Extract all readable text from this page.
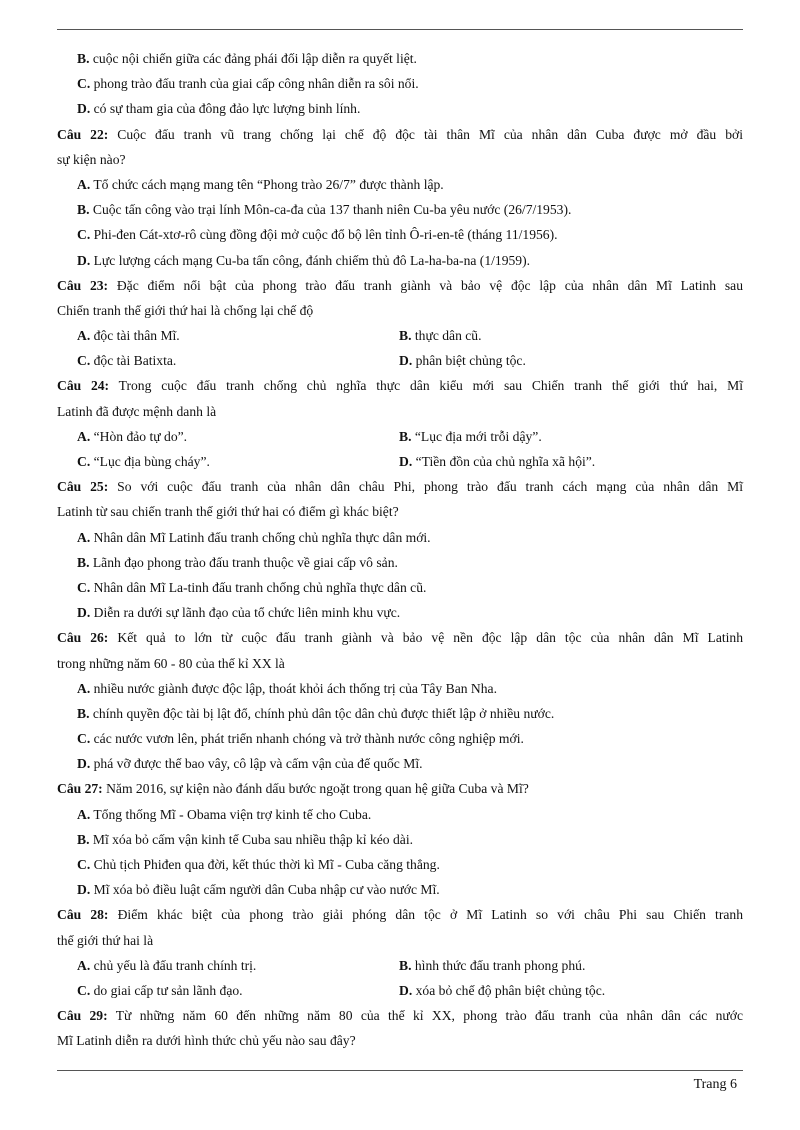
B. cuộc nội chiến giữa các đảng phái đối lập diễn ra quyết liệt.
C. phong trào đấu tranh của giai cấp công nhân diễn ra sôi nổi.
D. có sự tham gia của đông đảo lực lượng binh lính.
Câu 22: Cuộc đấu tranh vũ trang chống lại chế độ độc tài thân Mĩ của nhân dân Cuba được mở đầu bởi
sự kiện nào?
A. Tổ chức cách mạng mang tên “Phong trào 26/7” được thành lập.
B. Cuộc tấn công vào trại lính Môn-ca-đa của 137 thanh niên Cu-ba yêu nước (26/7/1953).
C. Phi-đen Cát-xtơ-rô cùng đồng đội mở cuộc đổ bộ lên tỉnh Ô-ri-en-tê (tháng 11/1956).
D. Lực lượng cách mạng Cu-ba tấn công, đánh chiếm thủ đô La-ha-ba-na (1/1959).
Câu 23: Đặc điểm nổi bật của phong trào đấu tranh giành và bảo vệ độc lập của nhân dân Mĩ Latinh sau
Chiến tranh thế giới thứ hai là chống lại chế độ
A. độc tài thân Mĩ.	B. thực dân cũ.
C. độc tài Batixta.	D. phân biệt chủng tộc.
Câu 24: Trong cuộc đấu tranh chống chủ nghĩa thực dân kiểu mới sau Chiến tranh thế giới thứ hai, Mĩ
Latinh đã được mệnh danh là
A. “Hòn đảo tự do”.	B. “Lục địa mới trỗi dậy”.
C. “Lục địa bùng cháy”.	D. “Tiền đồn của chủ nghĩa xã hội”.
Câu 25: So với cuộc đấu tranh của nhân dân châu Phi, phong trào đấu tranh cách mạng của nhân dân Mĩ
Latinh từ sau chiến tranh thế giới thứ hai có điểm gì khác biệt?
A. Nhân dân Mĩ Latinh đấu tranh chống chủ nghĩa thực dân mới.
B. Lãnh đạo phong trào đấu tranh thuộc về giai cấp vô sản.
C. Nhân dân Mĩ La-tinh đấu tranh chống chủ nghĩa thực dân cũ.
D. Diễn ra dưới sự lãnh đạo của tổ chức liên minh khu vực.
Câu 26: Kết quả to lớn từ cuộc đấu tranh giành và bảo vệ nền độc lập dân tộc của nhân dân Mĩ Latinh
trong những năm 60 - 80 của thế kỉ XX là
A. nhiều nước giành được độc lập, thoát khỏi ách thống trị của Tây Ban Nha.
B. chính quyền độc tài bị lật đổ, chính phủ dân tộc dân chủ được thiết lập ở nhiều nước.
C. các nước vươn lên, phát triển nhanh chóng và trở thành nước công nghiệp mới.
D. phá vỡ được thế bao vây, cô lập và cấm vận của đế quốc Mĩ.
Câu 27: Năm 2016, sự kiện nào đánh dấu bước ngoặt trong quan hệ giữa Cuba và Mĩ?
A. Tổng thống Mĩ - Obama viện trợ kinh tế cho Cuba.
B. Mĩ xóa bỏ cấm vận kinh tế Cuba sau nhiều thập kỉ kéo dài.
C. Chủ tịch Phiđen qua đời, kết thúc thời kì Mĩ - Cuba căng thẳng.
D. Mĩ xóa bỏ điều luật cấm người dân Cuba nhập cư vào nước Mĩ.
Câu 28: Điểm khác biệt của phong trào giải phóng dân tộc ở Mĩ Latinh so với châu Phi sau Chiến tranh
thế giới thứ hai là
A. chủ yếu là đấu tranh chính trị.	B. hình thức đấu tranh phong phú.
C. do giai cấp tư sản lãnh đạo.	D. xóa bỏ chế độ phân biệt chủng tộc.
Câu 29: Từ những năm 60 đến những năm 80 của thế kỉ XX, phong trào đấu tranh của nhân dân các nước
Mĩ Latinh diễn ra dưới hình thức chủ yếu nào sau đây?
Trang 6
